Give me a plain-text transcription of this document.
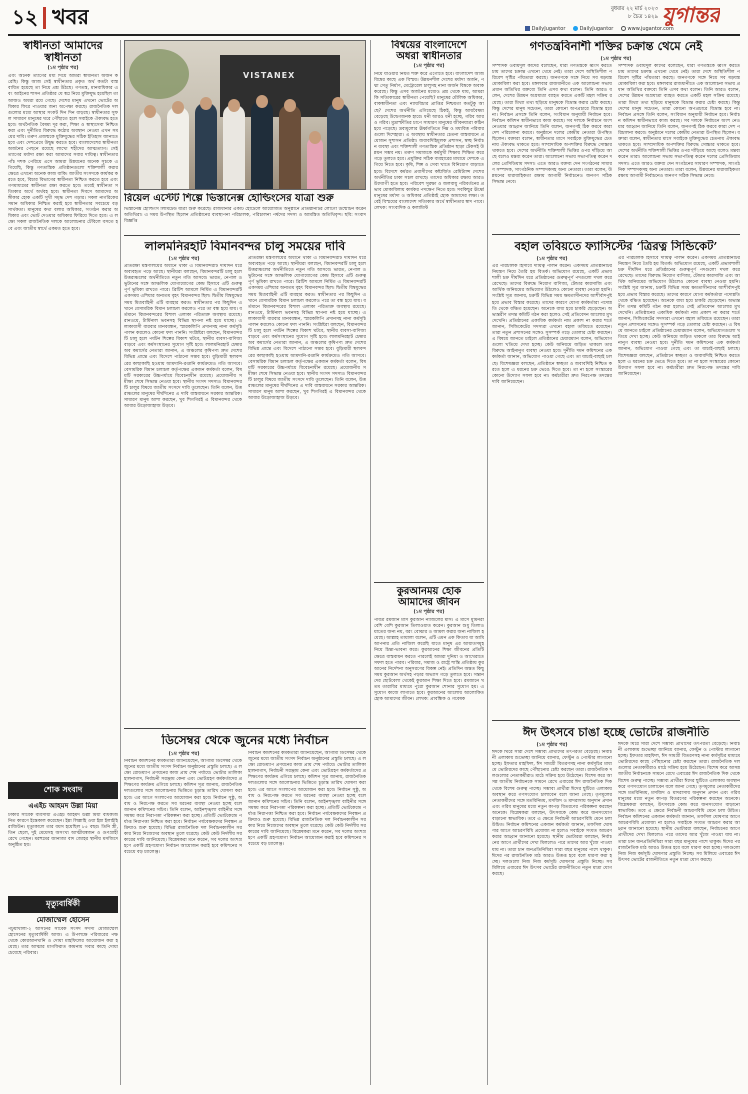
১২ খবর	বুধবার ২২ মার্চ ২০২৩
৮ চৈত্র ১৪২৯ যুগান্তর
DailyJugantor	DailyJugantor	www.jugantor.com
স্বাধীনতা আমাদের
স্বাধীনতা
(১ম পৃষ্ঠার পর)
এবং অনেক ত্যাগের মধ্য দিয়ে আমরা স্বাধীনতা অর্জন করেছি। কিন্তু আজ সেই স্বাধীনতার প্রকৃত অর্থ কতটা বাস্তবায়িত হয়েছে তা নিয়ে প্রশ্ন উঠছে। গণতন্ত্র, মানবাধিকার এবং আইনের শাসন প্রতিষ্ঠার যে স্বপ্ন নিয়ে মুক্তিযুদ্ধ হয়েছিল তা আজও অধরা রয়ে গেছে। দেশের মানুষ এখনো ভোটের অধিকার ফিরে পাওয়ার জন্য অপেক্ষা করছে। রাজনৈতিক দলগুলোর মধ্যে আস্থার সংকট দিন দিন বাড়ছে। স্বাধীনতার সুফল সাধারণ মানুষের ঘরে পৌঁছাতে হলে সবাইকে ঐক্যবদ্ধ হতে হবে। অর্থনৈতিক বৈষম্য দূর করা, শিক্ষা ও স্বাস্থ্যসেবা নিশ্চিত করা এবং দুর্নীতির বিরুদ্ধে কঠোর অবস্থান নেওয়া এখন সময়ের দাবি। তরুণ প্রজন্মকে মুক্তিযুদ্ধের সঠিক ইতিহাস জানাতে হবে এবং দেশপ্রেমে উদ্বুদ্ধ করতে হবে। বাংলাদেশের স্বাধীনতা অর্জনের পেছনে রয়েছে লাখো শহীদের আত্মত্যাগ। সেই ত্যাগের মর্যাদা রক্ষা করা আমাদের সবার দায়িত্ব। স্বাধীনতার পাঁচ দশক পেরিয়ে এসে আমরা উন্নয়নের অনেক সূচকে এগিয়েছি, কিন্তু গণতান্ত্রিক প্রতিষ্ঠানগুলো শক্তিশালী করার ক্ষেত্রে এখনো অনেক কাজ বাকি। জাতীয় সংসদকে কার্যকর করতে হবে, বিচার বিভাগের স্বাধীনতা নিশ্চিত করতে হবে এবং গণমাধ্যমের স্বাধীনতা রক্ষা করতে হবে। তবেই স্বাধীনতা সত্যিকার অর্থে অর্থবহ হবে। স্বাধীনতা দিবসে আমাদের অঙ্গীকার হোক একটি সুখী সমৃদ্ধ দেশ গড়ার। সকল নাগরিকের সমান অধিকার নিশ্চিত করাই হবে স্বাধীনতার সবচেয়ে বড় সার্থকতা। মানুষের কথা বলার অধিকার, সংগঠন করার অধিকার এবং ভোট দেওয়ার অধিকার ফিরিয়ে দিতে হবে। এ লক্ষ্যে সকল রাজনৈতিক দলকে আলোচনার টেবিলে বসতে হবে এবং জাতীয় স্বার্থে একমত হতে হবে।
শোক সংবাদ
এএইচ আহমদ উল্লা মিয়া
ঢাকার সাবেক ব্যবসায়ী এএইচ আহমদ উল্লা মিয়া বার্ধক্যজনিত কারণে ইন্তেকাল করেছেন। ইন্না লিল্লাহি ওয়া ইন্না ইলাইহি রাজিউন। মৃত্যুকালে তার বয়স হয়েছিল ৮৫ বছর। তিনি স্ত্রী, তিন ছেলে, দুই মেয়েসহ অসংখ্য আত্মীয়স্বজন ও গুণগ্রাহী রেখে গেছেন। মরহুমের জানাজা বাদ জোহর স্থানীয় মসজিদে অনুষ্ঠিত হয়।
মৃত্যুবার্ষিকী
মোজাম্মেল হোসেন
পটুয়াখালী-২ আসনের সাবেক সংসদ সদস্য মোজাম্মেল হোসেনের মৃত্যুবার্ষিকী আজ। এ উপলক্ষে পরিবারের পক্ষ থেকে কোরআনখানি ও দোয়া মাহফিলের আয়োজন করা হয়েছে। তার আত্মার মাগফিরাত কামনায় সবার কাছে দোয়া চেয়েছে পরিবার।
VISTANEX
রিয়েল এস্টেট শিল্পে ভিস্তানেক্স হোল্ডিংসের যাত্রা শুরু
ভিস্তানেক্স হোল্ডিংস লিমিটেড যাত্রা শুরু করেছে। রাজধানীর একটি হোটেলে আয়োজিত অনুষ্ঠানে প্রতিষ্ঠানটির লোগো উন্মোচন করেন অতিথিরা। এ সময় উপস্থিত ছিলেন প্রতিষ্ঠানের ব্যবস্থাপনা পরিচালক, পরিচালনা পর্ষদের সদস্য ও আমন্ত্রিত অতিথিবৃন্দ। ছবি: সংবাদ বিজ্ঞপ্তি
লালমনিরহাট বিমানবন্দর চালু সময়ের দাবি
(১ম পৃষ্ঠার পর)
প্রতিরক্ষা মন্ত্রণালয়ের অধীনে থাকা এ বিমানবন্দরটি দীর্ঘদিন ধরে অব্যবহৃত পড়ে আছে। স্থানীয়রা বলছেন, বিমানবন্দরটি চালু হলে উত্তরাঞ্চলের অর্থনীতিতে নতুন গতি আসবে। ভারত, নেপাল ও ভুটানের সঙ্গে আঞ্চলিক যোগাযোগের কেন্দ্র হিসাবে এটি গুরুত্বপূর্ণ ভূমিকা রাখতে পারে। ব্রিটিশ আমলে নির্মিত এ বিমানবন্দরটি একসময় এশিয়ার অন্যতম বৃহৎ বিমানবন্দর ছিল। দ্বিতীয় বিশ্বযুদ্ধের সময় মিত্রবাহিনী এটি ব্যবহার করত। স্বাধীনতার পর কিছুদিন এখানে বেসামরিক বিমান চলাচল করলেও পরে তা বন্ধ হয়ে যায়। বর্তমানে বিমানবন্দরের বিশাল এলাকা পরিত্যক্ত অবস্থায় রয়েছে। রানওয়ে, টার্মিনাল ভবনসহ বিভিন্ন স্থাপনা নষ্ট হয়ে যাচ্ছে। এলাকাবাসী বারবার মানববন্ধন, স্মারকলিপি প্রদানসহ নানা কর্মসূচি পালন করলেও কোনো ফল পাননি। সংশ্লিষ্টরা বলছেন, বিমানবন্দরটি চালু হলে পর্যটন শিল্পের বিকাশ ঘটবে, স্থানীয় ব্যবসা-বাণিজ্য বাড়বে এবং কর্মসংস্থানের সুযোগ সৃষ্টি হবে। লালমনিরহাট চেম্বার অব কমার্সের নেতারা জানান, এ অঞ্চলের কৃষিপণ্য দ্রুত দেশের বিভিন্ন প্রান্তে এবং বিদেশে পাঠানো সম্ভব হবে। বুড়িমারী স্থলবন্দরের কাছাকাছি হওয়ায় আমদানি-রপ্তানি কার্যক্রমেও গতি আসবে। বেসামরিক বিমান চলাচল কর্তৃপক্ষের একজন কর্মকর্তা বলেন, বিষয়টি সরকারের উচ্চপর্যায়ে বিবেচনাধীন রয়েছে। প্রয়োজনীয় সমীক্ষা শেষে সিদ্ধান্ত নেওয়া হবে। স্থানীয় সংসদ সদস্যও বিমানবন্দরটি চালুর বিষয়ে জাতীয় সংসদে দাবি তুলেছেন। তিনি বলেন, উত্তরাঞ্চলের মানুষের দীর্ঘদিনের এ দাবি বাস্তবায়নে সরকার আন্তরিক। সাধারণ মানুষ আশা করছেন, খুব শিগগিরই এ বিমানবন্দর থেকে আবার উড়োজাহাজ উড়বে।
প্রতিরক্ষা মন্ত্রণালয়ের অধীনে থাকা এ বিমানবন্দরটি দীর্ঘদিন ধরে অব্যবহৃত পড়ে আছে। স্থানীয়রা বলছেন, বিমানবন্দরটি চালু হলে উত্তরাঞ্চলের অর্থনীতিতে নতুন গতি আসবে। ভারত, নেপাল ও ভুটানের সঙ্গে আঞ্চলিক যোগাযোগের কেন্দ্র হিসাবে এটি গুরুত্বপূর্ণ ভূমিকা রাখতে পারে। ব্রিটিশ আমলে নির্মিত এ বিমানবন্দরটি একসময় এশিয়ার অন্যতম বৃহৎ বিমানবন্দর ছিল। দ্বিতীয় বিশ্বযুদ্ধের সময় মিত্রবাহিনী এটি ব্যবহার করত। স্বাধীনতার পর কিছুদিন এখানে বেসামরিক বিমান চলাচল করলেও পরে তা বন্ধ হয়ে যায়। বর্তমানে বিমানবন্দরের বিশাল এলাকা পরিত্যক্ত অবস্থায় রয়েছে। রানওয়ে, টার্মিনাল ভবনসহ বিভিন্ন স্থাপনা নষ্ট হয়ে যাচ্ছে। এলাকাবাসী বারবার মানববন্ধন, স্মারকলিপি প্রদানসহ নানা কর্মসূচি পালন করলেও কোনো ফল পাননি। সংশ্লিষ্টরা বলছেন, বিমানবন্দরটি চালু হলে পর্যটন শিল্পের বিকাশ ঘটবে, স্থানীয় ব্যবসা-বাণিজ্য বাড়বে এবং কর্মসংস্থানের সুযোগ সৃষ্টি হবে। লালমনিরহাট চেম্বার অব কমার্সের নেতারা জানান, এ অঞ্চলের কৃষিপণ্য দ্রুত দেশের বিভিন্ন প্রান্তে এবং বিদেশে পাঠানো সম্ভব হবে। বুড়িমারী স্থলবন্দরের কাছাকাছি হওয়ায় আমদানি-রপ্তানি কার্যক্রমেও গতি আসবে। বেসামরিক বিমান চলাচল কর্তৃপক্ষের একজন কর্মকর্তা বলেন, বিষয়টি সরকারের উচ্চপর্যায়ে বিবেচনাধীন রয়েছে। প্রয়োজনীয় সমীক্ষা শেষে সিদ্ধান্ত নেওয়া হবে। স্থানীয় সংসদ সদস্যও বিমানবন্দরটি চালুর বিষয়ে জাতীয় সংসদে দাবি তুলেছেন। তিনি বলেন, উত্তরাঞ্চলের মানুষের দীর্ঘদিনের এ দাবি বাস্তবায়নে সরকার আন্তরিক। সাধারণ মানুষ আশা করছেন, খুব শিগগিরই এ বিমানবন্দর থেকে আবার উড়োজাহাজ উড়বে।
ডিসেম্বর থেকে জুনের মধ্যে নির্বাচন
(১ম পৃষ্ঠার পর)
নির্বাচন কমিশনের কর্মকর্তারা জানিয়েছেন, আগামী ডিসেম্বর থেকে জুনের মধ্যে জাতীয় সংসদ নির্বাচন অনুষ্ঠানের প্রস্তুতি চলছে। এ লক্ষ্যে রোডম্যাপ প্রণয়নের কাজ প্রায় শেষ পর্যায়ে। ভোটার তালিকা হালনাগাদ, নির্বাচনী সরঞ্জাম কেনা এবং ভোটগ্রহণ কর্মকর্তাদের প্রশিক্ষণের কার্যক্রম এগিয়ে চলছে। কমিশন সূত্র জানায়, রাজনৈতিক দলগুলোর সঙ্গে আলোচনার ভিত্তিতে চূড়ান্ত তারিখ ঘোষণা করা হবে। এর আগে সংলাপের আয়োজন করা হবে। নির্বাচন সুষ্ঠু, অবাধ ও নিরপেক্ষ করতে সব ধরনের ব্যবস্থা নেওয়া হচ্ছে বলে জানান কমিশনের সচিব। তিনি বলেন, আইনশৃঙ্খলা বাহিনীর সঙ্গে সমন্বয় করে নিরাপত্তা পরিকল্পনা করা হচ্ছে। প্রতিটি ভোটকেন্দ্রে পর্যাপ্ত নিরাপত্তা নিশ্চিত করা হবে। নির্বাচন পর্যবেক্ষকদের নিবন্ধন প্রক্রিয়াও শুরু হয়েছে। বিভিন্ন রাজনৈতিক দল নির্বাচনকালীন সরকার নিয়ে নিজেদের অবস্থান তুলে ধরেছে। কেউ কেউ নির্দলীয় সরকারের দাবি জানিয়েছে। বিশ্লেষকরা মনে করেন, সব দলের অংশগ্রহণে একটি গ্রহণযোগ্য নির্বাচন আয়োজন করাই হবে কমিশনের সবচেয়ে বড় চ্যালেঞ্জ।
নির্বাচন কমিশনের কর্মকর্তারা জানিয়েছেন, আগামী ডিসেম্বর থেকে জুনের মধ্যে জাতীয় সংসদ নির্বাচন অনুষ্ঠানের প্রস্তুতি চলছে। এ লক্ষ্যে রোডম্যাপ প্রণয়নের কাজ প্রায় শেষ পর্যায়ে। ভোটার তালিকা হালনাগাদ, নির্বাচনী সরঞ্জাম কেনা এবং ভোটগ্রহণ কর্মকর্তাদের প্রশিক্ষণের কার্যক্রম এগিয়ে চলছে। কমিশন সূত্র জানায়, রাজনৈতিক দলগুলোর সঙ্গে আলোচনার ভিত্তিতে চূড়ান্ত তারিখ ঘোষণা করা হবে। এর আগে সংলাপের আয়োজন করা হবে। নির্বাচন সুষ্ঠু, অবাধ ও নিরপেক্ষ করতে সব ধরনের ব্যবস্থা নেওয়া হচ্ছে বলে জানান কমিশনের সচিব। তিনি বলেন, আইনশৃঙ্খলা বাহিনীর সঙ্গে সমন্বয় করে নিরাপত্তা পরিকল্পনা করা হচ্ছে। প্রতিটি ভোটকেন্দ্রে পর্যাপ্ত নিরাপত্তা নিশ্চিত করা হবে। নির্বাচন পর্যবেক্ষকদের নিবন্ধন প্রক্রিয়াও শুরু হয়েছে। বিভিন্ন রাজনৈতিক দল নির্বাচনকালীন সরকার নিয়ে নিজেদের অবস্থান তুলে ধরেছে। কেউ কেউ নির্দলীয় সরকারের দাবি জানিয়েছে। বিশ্লেষকরা মনে করেন, সব দলের অংশগ্রহণে একটি গ্রহণযোগ্য নির্বাচন আয়োজন করাই হবে কমিশনের সবচেয়ে বড় চ্যালেঞ্জ।
বিশ্বয়ের বাংলাদেশে
অধরা স্বাধীনতার
(১ম পৃষ্ঠার পর)
নিয়ে যাওয়ার নিয়ত শক্ত করে এগোতে হবে। বাংলাদেশ আজ বিশ্বের কাছে এক বিস্ময়। উন্নয়নশীল দেশের মর্যাদা অর্জন, পদ্মা সেতু নির্মাণ, মেট্রোরেল চালুসহ নানা অর্জন বিশ্বকে অবাক করেছে। কিন্তু এসব অর্জনের মধ্যেও প্রশ্ন থেকে যায়, আমরা কি সত্যিকারের স্বাধীনতা পেয়েছি? মানুষের মৌলিক অধিকার, বাকস্বাধীনতা এবং ন্যায়বিচার প্রাপ্তির নিশ্চয়তা কতটুকু আছে? দেশের অর্থনীতি এগিয়েছে ঠিকই, কিন্তু আয়বৈষম্য বেড়েছে উদ্বেগজনক হারে। ধনী আরও ধনী হচ্ছে, গরিব আরও গরিব। মুদ্রাস্ফীতির চাপে সাধারণ মানুষের জীবনযাত্রা কঠিন হয়ে পড়েছে। দ্রব্যমূল্যের ঊর্ধ্বগতিতে নিম্ন ও মধ্যবিত্ত পরিবারগুলো দিশেহারা। এ অবস্থায় স্বাধীনতার চেতনা বাস্তবায়নে প্রয়োজন সুশাসন প্রতিষ্ঠা। জবাবদিহিমূলক প্রশাসন, স্বচ্ছ নির্বাচন ব্যবস্থা এবং শক্তিশালী গণতান্ত্রিক প্রতিষ্ঠান ছাড়া টেকসই উন্নয়ন সম্ভব নয়। তরুণ সমাজকে কর্মমুখী শিক্ষায় শিক্ষিত করে গড়ে তুলতে হবে। প্রযুক্তির সঠিক ব্যবহারের মাধ্যমে দেশকে এগিয়ে নিতে হবে। কৃষি, শিল্প ও সেবা খাতে বিনিয়োগ বাড়াতে হবে। বিদেশে কর্মরত প্রবাসীদের কষ্টার্জিত রেমিট্যান্স দেশের অর্থনীতির চাকা সচল রাখছে। তাদের অধিকার রক্ষায় আরও উদ্যোগী হতে হবে। পরিবেশ সুরক্ষা ও জলবায়ু পরিবর্তনের প্রভাব মোকাবিলায় কার্যকর পদক্ষেপ নিতে হবে। সবকিছুর ঊর্ধ্বে মানুষের মর্যাদা ও অধিকার প্রতিষ্ঠাই হোক আমাদের লক্ষ্য। তবেই বিস্ময়ের বাংলাদেশ সত্যিকার অর্থে স্বাধীনতার স্বাদ পাবে। লেখক: সাংবাদিক ও কলামিস্ট
কুরআনময় হোক
আমাদের জীবন
(১ম পৃষ্ঠার পর)
পবিত্র রমজান মাস কুরআন নাজিলের মাস। এ মাসে মুমিনরা বেশি বেশি কুরআন তিলাওয়াত করেন। কুরআন শুধু তিলাওয়াতের জন্য নয়, বরং বোঝার ও আমল করার জন্য নাজিল হয়েছে। আল্লাহ তায়ালা বলেন, এটি এমন এক কিতাব যা আমি আপনার প্রতি নাজিল করেছি যাতে মানুষ এর আয়াতসমূহ নিয়ে চিন্তা-ভাবনা করে। কুরআনের শিক্ষা জীবনের প্রতিটি ক্ষেত্রে বাস্তবায়ন করতে পারলেই আমরা দুনিয়া ও আখেরাতে সফল হতে পারব। পরিবার, সমাজ ও রাষ্ট্রে শান্তি প্রতিষ্ঠায় কুরআনের নির্দেশনা অনুসরণের বিকল্প নেই। প্রতিদিন অন্তত কিছু সময় কুরআন অর্থসহ পড়ার অভ্যাস গড়ে তুলতে হবে। সন্তানদের ছোটবেলা থেকেই কুরআন শিক্ষা দিতে হবে। রমজানে খতম তারাবির মাধ্যমে পুরো কুরআন শোনার সুযোগ হয়। এ সুযোগ কাজে লাগাতে হবে। কুরআনের আলোয় আলোকিত হোক আমাদের জীবন। লেখক: প্রাবন্ধিক ও গবেষক
গণতন্ত্রবিনাশী শক্তির চক্রান্ত থেমে নেই
(১ম পৃষ্ঠার পর)
সম্পাদক ওবায়দুল কাদের বলেছেন, যারা গণতন্ত্রকে ধ্বংস করতে চায় তাদের চক্রান্ত এখনো থেমে নেই। তারা দেশে অস্থিতিশীল পরিবেশ সৃষ্টির পাঁয়তারা করছে। জনগণকে সঙ্গে নিয়ে সব ষড়যন্ত্র মোকাবিলা করা হবে। মঙ্গলবার রাজধানীতে এক আলোচনা সভায় প্রধান অতিথির বক্তব্যে তিনি এসব কথা বলেন। তিনি আরও বলেন, দেশের উন্নয়ন অগ্রযাত্রা ব্যাহত করতে একটি মহল সক্রিয় রয়েছে। তারা মিথ্যা তথ্য ছড়িয়ে মানুষকে বিভ্রান্ত করার চেষ্টা করছে। কিন্তু দেশের মানুষ সচেতন, তারা কোনো অপপ্রচারে বিভ্রান্ত হবে না। নির্বাচন প্রসঙ্গে তিনি বলেন, সংবিধান অনুযায়ী নির্বাচন হবে। নির্বাচন কমিশন স্বাধীনভাবে কাজ করছে। সব দলকে নির্বাচনে অংশ নেওয়ার আহ্বান জানিয়ে তিনি বলেন, জনগণই ঠিক করবে কারা দেশ পরিচালনা করবে। অনুষ্ঠানে দলের কেন্দ্রীয় নেতারা উপস্থিত ছিলেন। বক্তারা বলেন, স্বাধীনতার মাসে সবাইকে মুক্তিযুদ্ধের চেতনায় ঐক্যবদ্ধ থাকতে হবে। সাম্প্রদায়িক অপশক্তির বিরুদ্ধে সোচ্চার থাকতে হবে। দেশের অর্থনীতি শক্তিশালী ভিত্তির ওপর দাঁড়িয়ে আছে বলেও মন্তব্য করেন তারা। আলোচনা সভায় সভাপতিত্ব করেন দলের প্রেসিডিয়াম সদস্য। এতে আরও বক্তব্য দেন সংগঠনের সাধারণ সম্পাদক, সাংগঠনিক সম্পাদকসহ অন্য নেতারা। তারা বলেন, উন্নয়নের ধারাবাহিকতা রক্ষায় আগামী নির্বাচনেও জনগণ সঠিক সিদ্ধান্ত নেবে।
সম্পাদক ওবায়দুল কাদের বলেছেন, যারা গণতন্ত্রকে ধ্বংস করতে চায় তাদের চক্রান্ত এখনো থেমে নেই। তারা দেশে অস্থিতিশীল পরিবেশ সৃষ্টির পাঁয়তারা করছে। জনগণকে সঙ্গে নিয়ে সব ষড়যন্ত্র মোকাবিলা করা হবে। মঙ্গলবার রাজধানীতে এক আলোচনা সভায় প্রধান অতিথির বক্তব্যে তিনি এসব কথা বলেন। তিনি আরও বলেন, দেশের উন্নয়ন অগ্রযাত্রা ব্যাহত করতে একটি মহল সক্রিয় রয়েছে। তারা মিথ্যা তথ্য ছড়িয়ে মানুষকে বিভ্রান্ত করার চেষ্টা করছে। কিন্তু দেশের মানুষ সচেতন, তারা কোনো অপপ্রচারে বিভ্রান্ত হবে না। নির্বাচন প্রসঙ্গে তিনি বলেন, সংবিধান অনুযায়ী নির্বাচন হবে। নির্বাচন কমিশন স্বাধীনভাবে কাজ করছে। সব দলকে নির্বাচনে অংশ নেওয়ার আহ্বান জানিয়ে তিনি বলেন, জনগণই ঠিক করবে কারা দেশ পরিচালনা করবে। অনুষ্ঠানে দলের কেন্দ্রীয় নেতারা উপস্থিত ছিলেন। বক্তারা বলেন, স্বাধীনতার মাসে সবাইকে মুক্তিযুদ্ধের চেতনায় ঐক্যবদ্ধ থাকতে হবে। সাম্প্রদায়িক অপশক্তির বিরুদ্ধে সোচ্চার থাকতে হবে। দেশের অর্থনীতি শক্তিশালী ভিত্তির ওপর দাঁড়িয়ে আছে বলেও মন্তব্য করেন তারা। আলোচনা সভায় সভাপতিত্ব করেন দলের প্রেসিডিয়াম সদস্য। এতে আরও বক্তব্য দেন সংগঠনের সাধারণ সম্পাদক, সাংগঠনিক সম্পাদকসহ অন্য নেতারা। তারা বলেন, উন্নয়নের ধারাবাহিকতা রক্ষায় আগামী নির্বাচনেও জনগণ সঠিক সিদ্ধান্ত নেবে।
বহাল তবিয়তে ফ্যাসিস্টের ‘ত্রিরত্ন সিন্ডিকেট’
(১ম পৃষ্ঠার পর)
এর পরিচালক হিসাবে দায়িত্ব পালন করেন। একসময় প্রতিষ্ঠানটির নিয়ন্ত্রণ নিয়ে তৈরি হয় বিতর্ক। অভিযোগ রয়েছে, একটি প্রভাবশালী চক্র দীর্ঘদিন ধরে প্রতিষ্ঠানের গুরুত্বপূর্ণ পদগুলো দখল করে রেখেছে। তাদের বিরুদ্ধে নিয়োগ বাণিজ্য, টেন্ডার কারসাজি এবং আর্থিক অনিয়মের অভিযোগ উঠলেও কোনো ব্যবস্থা নেওয়া হয়নি। সংশ্লিষ্ট সূত্র জানায়, চক্রটি বিভিন্ন সময় ক্ষমতাসীনদের আশীর্বাদপুষ্ট হয়ে প্রভাব বিস্তার করেছে। তাদের কারণে যোগ্য কর্মকর্তারা পদোন্নতি থেকে বঞ্চিত হয়েছেন। অনেকে বাধ্য হয়ে চাকরি ছেড়েছেন। অভ্যন্তরীণ তদন্ত কমিটি গঠন করা হলেও সেই প্রতিবেদন আলোর মুখ দেখেনি। প্রতিষ্ঠানের একাধিক কর্মকর্তা নাম প্রকাশ না করার শর্তে জানান, সিন্ডিকেটের সদস্যরা এখনো বহাল তবিয়তে রয়েছেন। তারা নতুন প্রশাসনের সঙ্গেও সুসম্পর্ক গড়ে তোলার চেষ্টা করছেন। এ বিষয়ে জানতে চাইলে প্রতিষ্ঠানের চেয়ারম্যান বলেন, অভিযোগগুলো খতিয়ে দেখা হচ্ছে। কেউ অনিয়মে জড়িত থাকলে তার বিরুদ্ধে আইনানুগ ব্যবস্থা নেওয়া হবে। দুর্নীতি দমন কমিশনের এক কর্মকর্তা জানান, অভিযোগ পাওয়া গেছে এবং তা যাচাই-বাছাই চলছে। বিশেষজ্ঞরা বলছেন, প্রতিষ্ঠানে স্বচ্ছতা ও জবাবদিহি নিশ্চিত করতে হলে এ ধরনের চক্র ভেঙে দিতে হবে। তা না হলে সংস্কারের কোনো উদ্যোগ সফল হবে না। কর্মচারীরা দ্রুত নিরপেক্ষ তদন্তের দাবি জানিয়েছেন।
এর পরিচালক হিসাবে দায়িত্ব পালন করেন। একসময় প্রতিষ্ঠানটির নিয়ন্ত্রণ নিয়ে তৈরি হয় বিতর্ক। অভিযোগ রয়েছে, একটি প্রভাবশালী চক্র দীর্ঘদিন ধরে প্রতিষ্ঠানের গুরুত্বপূর্ণ পদগুলো দখল করে রেখেছে। তাদের বিরুদ্ধে নিয়োগ বাণিজ্য, টেন্ডার কারসাজি এবং আর্থিক অনিয়মের অভিযোগ উঠলেও কোনো ব্যবস্থা নেওয়া হয়নি। সংশ্লিষ্ট সূত্র জানায়, চক্রটি বিভিন্ন সময় ক্ষমতাসীনদের আশীর্বাদপুষ্ট হয়ে প্রভাব বিস্তার করেছে। তাদের কারণে যোগ্য কর্মকর্তারা পদোন্নতি থেকে বঞ্চিত হয়েছেন। অনেকে বাধ্য হয়ে চাকরি ছেড়েছেন। অভ্যন্তরীণ তদন্ত কমিটি গঠন করা হলেও সেই প্রতিবেদন আলোর মুখ দেখেনি। প্রতিষ্ঠানের একাধিক কর্মকর্তা নাম প্রকাশ না করার শর্তে জানান, সিন্ডিকেটের সদস্যরা এখনো বহাল তবিয়তে রয়েছেন। তারা নতুন প্রশাসনের সঙ্গেও সুসম্পর্ক গড়ে তোলার চেষ্টা করছেন। এ বিষয়ে জানতে চাইলে প্রতিষ্ঠানের চেয়ারম্যান বলেন, অভিযোগগুলো খতিয়ে দেখা হচ্ছে। কেউ অনিয়মে জড়িত থাকলে তার বিরুদ্ধে আইনানুগ ব্যবস্থা নেওয়া হবে। দুর্নীতি দমন কমিশনের এক কর্মকর্তা জানান, অভিযোগ পাওয়া গেছে এবং তা যাচাই-বাছাই চলছে। বিশেষজ্ঞরা বলছেন, প্রতিষ্ঠানে স্বচ্ছতা ও জবাবদিহি নিশ্চিত করতে হলে এ ধরনের চক্র ভেঙে দিতে হবে। তা না হলে সংস্কারের কোনো উদ্যোগ সফল হবে না। কর্মচারীরা দ্রুত নিরপেক্ষ তদন্তের দাবি জানিয়েছেন।
ঈদ উৎসবে চাঙা হচ্ছে ভোটের রাজনীতি
(১ম পৃষ্ঠার পর)
ঈদকে ঘিরে সারা দেশে সম্ভাব্য প্রার্থীদের তৎপরতা বেড়েছে। নির্বাচনী এলাকায় শুভেচ্ছা জানিয়ে ব্যানার, ফেস্টুন ও পোস্টার লাগানো হচ্ছে। ইফতার মাহফিল, ঈদ সামগ্রী বিতরণসহ নানা কর্মসূচির মাধ্যমে ভোটারদের কাছে পৌঁছানোর চেষ্টা করছেন তারা। রাজনৈতিক দলগুলোর নেতাকর্মীরাও মাঠে সক্রিয় হয়ে উঠেছেন। বিশেষ করে আসন্ন জাতীয় নির্বাচনকে সামনে রেখে এবারের ঈদ রাজনৈতিক দিক থেকে বিশেষ গুরুত্ব পাচ্ছে। সম্ভাব্য প্রার্থীরা ঈদের ছুটিতে এলাকায় অবস্থান করে গণসংযোগ চালাবেন বলে জানা গেছে। তৃণমূলের নেতাকর্মীদের সঙ্গে মতবিনিময়, মসজিদ ও মাদরাসায় অনুদান প্রদান এবং গরিব মানুষের মধ্যে নতুন কাপড় বিতরণের পরিকল্পনা করছেন অনেকে। বিশ্লেষকরা বলছেন, উৎসবকে কেন্দ্র করে জনসংযোগ বাড়ানো স্বাভাবিক। তবে এ ক্ষেত্রে নির্বাচনী আচরণবিধি মেনে চলা উচিত। নির্বাচন কমিশনের একজন কর্মকর্তা জানান, তফসিল ঘোষণার আগে আচরণবিধি প্রযোজ্য না হলেও সবাইকে সংযত আচরণ করার আহ্বান জানানো হয়েছে। স্থানীয় ভোটাররা বলছেন, নির্বাচনের আগে প্রার্থীদের দেখা মিললেও পরে তাদের আর খুঁজে পাওয়া যায় না। তারা চান জনপ্রতিনিধিরা সারা বছর মানুষের পাশে থাকুক। ঈদের পর রাজনৈতিক মাঠ আরও উত্তপ্ত হবে বলে ধারণা করা হচ্ছে। দলগুলো নিজ নিজ কর্মসূচি ঘোষণার প্রস্তুতি নিচ্ছে। সব মিলিয়ে এবারের ঈদ উৎসব ভোটের রাজনীতিতে নতুন মাত্রা যোগ করছে।
ঈদকে ঘিরে সারা দেশে সম্ভাব্য প্রার্থীদের তৎপরতা বেড়েছে। নির্বাচনী এলাকায় শুভেচ্ছা জানিয়ে ব্যানার, ফেস্টুন ও পোস্টার লাগানো হচ্ছে। ইফতার মাহফিল, ঈদ সামগ্রী বিতরণসহ নানা কর্মসূচির মাধ্যমে ভোটারদের কাছে পৌঁছানোর চেষ্টা করছেন তারা। রাজনৈতিক দলগুলোর নেতাকর্মীরাও মাঠে সক্রিয় হয়ে উঠেছেন। বিশেষ করে আসন্ন জাতীয় নির্বাচনকে সামনে রেখে এবারের ঈদ রাজনৈতিক দিক থেকে বিশেষ গুরুত্ব পাচ্ছে। সম্ভাব্য প্রার্থীরা ঈদের ছুটিতে এলাকায় অবস্থান করে গণসংযোগ চালাবেন বলে জানা গেছে। তৃণমূলের নেতাকর্মীদের সঙ্গে মতবিনিময়, মসজিদ ও মাদরাসায় অনুদান প্রদান এবং গরিব মানুষের মধ্যে নতুন কাপড় বিতরণের পরিকল্পনা করছেন অনেকে। বিশ্লেষকরা বলছেন, উৎসবকে কেন্দ্র করে জনসংযোগ বাড়ানো স্বাভাবিক। তবে এ ক্ষেত্রে নির্বাচনী আচরণবিধি মেনে চলা উচিত। নির্বাচন কমিশনের একজন কর্মকর্তা জানান, তফসিল ঘোষণার আগে আচরণবিধি প্রযোজ্য না হলেও সবাইকে সংযত আচরণ করার আহ্বান জানানো হয়েছে। স্থানীয় ভোটাররা বলছেন, নির্বাচনের আগে প্রার্থীদের দেখা মিললেও পরে তাদের আর খুঁজে পাওয়া যায় না। তারা চান জনপ্রতিনিধিরা সারা বছর মানুষের পাশে থাকুক। ঈদের পর রাজনৈতিক মাঠ আরও উত্তপ্ত হবে বলে ধারণা করা হচ্ছে। দলগুলো নিজ নিজ কর্মসূচি ঘোষণার প্রস্তুতি নিচ্ছে। সব মিলিয়ে এবারের ঈদ উৎসব ভোটের রাজনীতিতে নতুন মাত্রা যোগ করছে।
